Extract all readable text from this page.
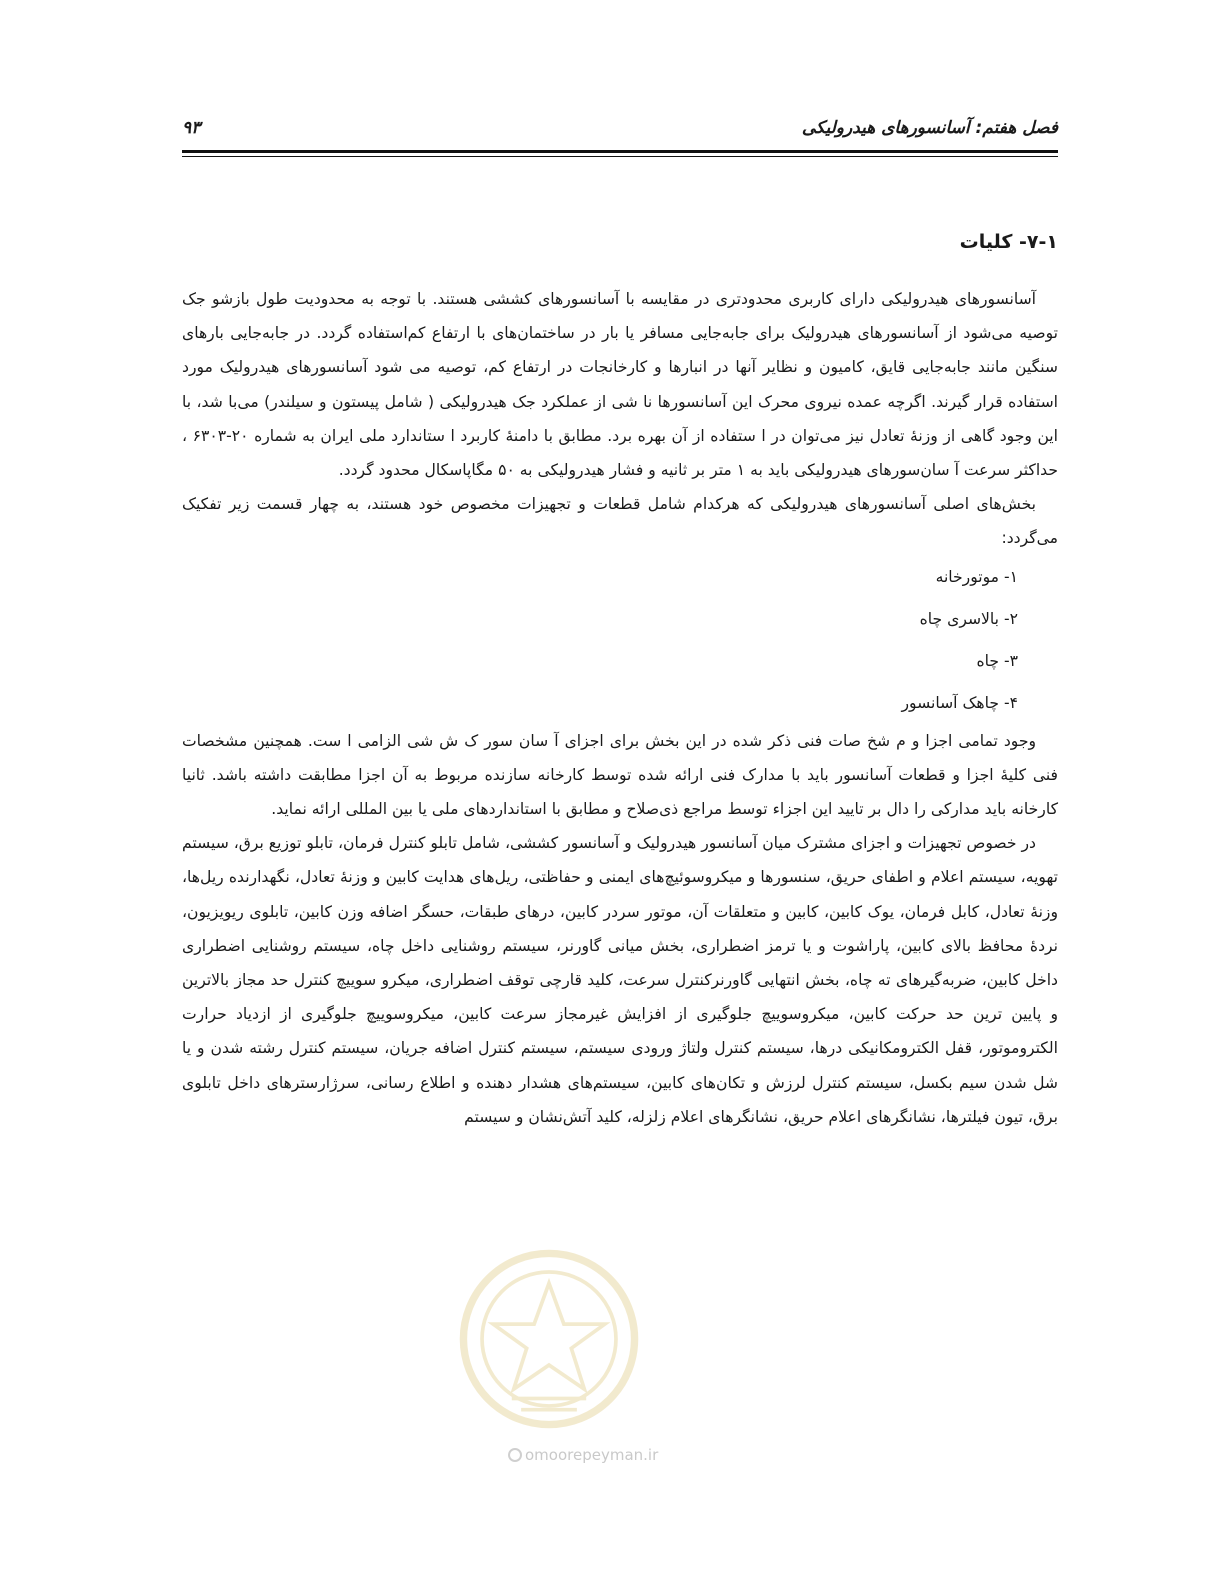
فصل هفتم: آسانسورهای هیدرولیکی
۹۳
۷-۱- کلیات

آسانسورهای هیدرولیکی دارای کاربری محدودتری در مقایسه با آسانسورهای کششی هستند. با توجه به محدودیت طول بازشو جک توصیه می‌شود از آسانسورهای هیدرولیک برای جابه‌جایی مسافر یا بار در ساختمان‌های با ارتفاع کم‌استفاده گردد. در جابه‌جایی بارهای سنگین مانند جابه‌جایی قایق، کامیون و نظایر آنها در انبارها و کارخانجات در ارتفاع کم، توصیه می شود آسانسورهای هیدرولیک مورد استفاده قرار گیرند. اگرچه عمده نیروی محرک این آسانسورها نا شی از عملکرد جک هیدرولیکی ( شامل پیستون و سیلندر) می‌با شد، با این وجود گاهی از وزنهٔ تعادل نیز می‌توان در ا ستفاده از آن بهره برد. مطابق با دامنهٔ کاربرد ا ستاندارد ملی ایران به شماره ۲۰-۶۳۰۳ ، حداکثر سرعت آ سان‌سورهای هیدرولیکی باید به ۱ متر بر ثانیه و فشار هیدرولیکی به ۵۰ مگاپاسکال محدود گردد.

بخش‌های اصلی آسانسورهای هیدرولیکی که هرکدام شامل قطعات و تجهیزات مخصوص خود هستند، به چهار قسمت زیر تفکیک می‌گردد:

۱- موتورخانه
۲- بالاسری چاه
۳- چاه
۴- چاهک آسانسور

وجود تمامی اجزا و م شخ صات فنی ذکر شده در این بخش برای اجزای آ سان سور ک ش شی الزامی ا ست. همچنین مشخصات فنی کلیهٔ اجزا و قطعات آسانسور باید با مدارک فنی ارائه شده توسط کارخانه سازنده مربوط به آن اجزا مطابقت داشته باشد. ثانیا کارخانه باید مدارکی را دال بر تایید این اجزاء توسط مراجع ذی‌صلاح و مطابق با استانداردهای ملی یا بین المللی ارائه نماید.

در خصوص تجهیزات و اجزای مشترک میان آسانسور هیدرولیک و آسانسور کششی، شامل تابلو کنترل فرمان، تابلو توزیع برق، سیستم تهویه، سیستم اعلام و اطفای حریق، سنسورها و میکروسوئیچ‌های ایمنی و حفاظتی، ریل‌های هدایت کابین و وزنهٔ تعادل، نگهدارنده ریل‌ها، وزنهٔ تعادل، کابل فرمان، یوک کابین، کابین و متعلقات آن، موتور سردر کابین، درهای طبقات، حسگر اضافه وزن کابین، تابلوی ریویزیون، نردهٔ محافظ بالای کابین، پاراشوت و یا ترمز اضطراری، بخش میانی گاورنر، سیستم روشنایی داخل چاه، سیستم روشنایی اضطراری داخل کابین، ضربه‌گیرهای ته چاه، بخش انتهایی گاورنرکنترل سرعت، کلید قارچی توقف اضطراری، میکرو سوییچ کنترل حد مجاز بالاترین و پایین ترین حد حرکت کابین، میکروسوییچ جلوگیری از افزایش غیرمجاز سرعت کابین، میکروسوییچ جلوگیری از ازدیاد حرارت الکتروموتور، قفل الکترومکانیکی درها، سیستم کنترل ولتاژ ورودی سیستم، سیستم کنترل اضافه جریان، سیستم کنترل رشته شدن و یا شل شدن سیم بکسل، سیستم کنترل لرزش و تکان‌های کابین، سیستم‌های هشدار دهنده و اطلاع رسانی، سرژارسترهای داخل تابلوی برق، تیون فیلترها، نشانگرهای اعلام حریق، نشانگرهای اعلام زلزله، کلید آتش‌نشان و سیستم

omoorepeyman.ir
